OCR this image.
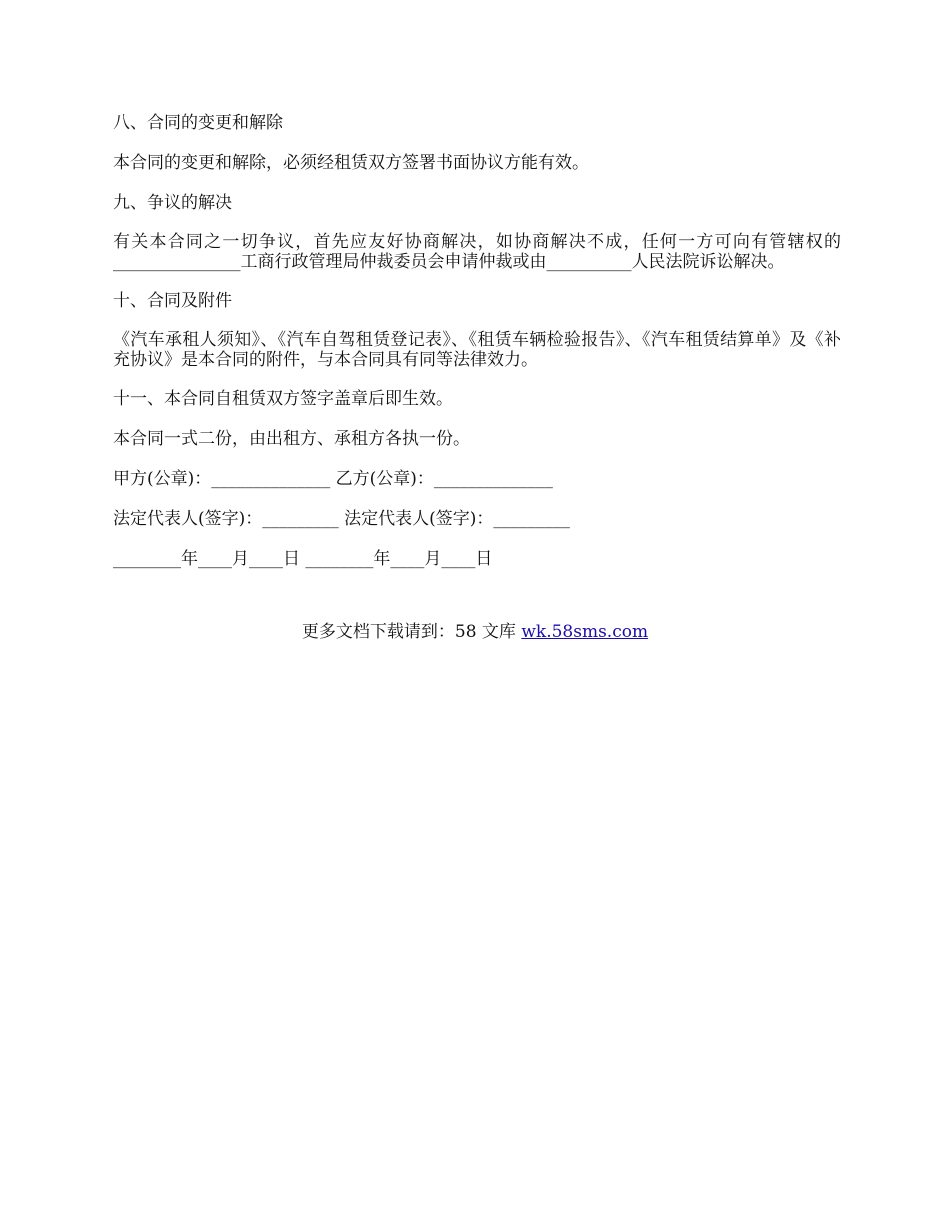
八、合同的变更和解除

本合同的变更和解除，必须经租赁双方签署书面协议方能有效。

九、争议的解决

有关本合同之一切争议，首先应友好协商解决，如协商解决不成，任何一方可向有管辖权的_______________工商行政管理局仲裁委员会申请仲裁或由__________人民法院诉讼解决。

十、合同及附件

《汽车承租人须知》、《汽车自驾租赁登记表》、《租赁车辆检验报告》、《汽车租赁结算单》及《补充协议》是本合同的附件，与本合同具有同等法律效力。

十一、本合同自租赁双方签字盖章后即生效。

本合同一式二份，由出租方、承租方各执一份。

甲方(公章)：______________ 乙方(公章)：______________

法定代表人(签字)：_________ 法定代表人(签字)：_________

________年____月____日 ________年____月____日

更多文档下载请到：58 文库 wk.58sms.com
